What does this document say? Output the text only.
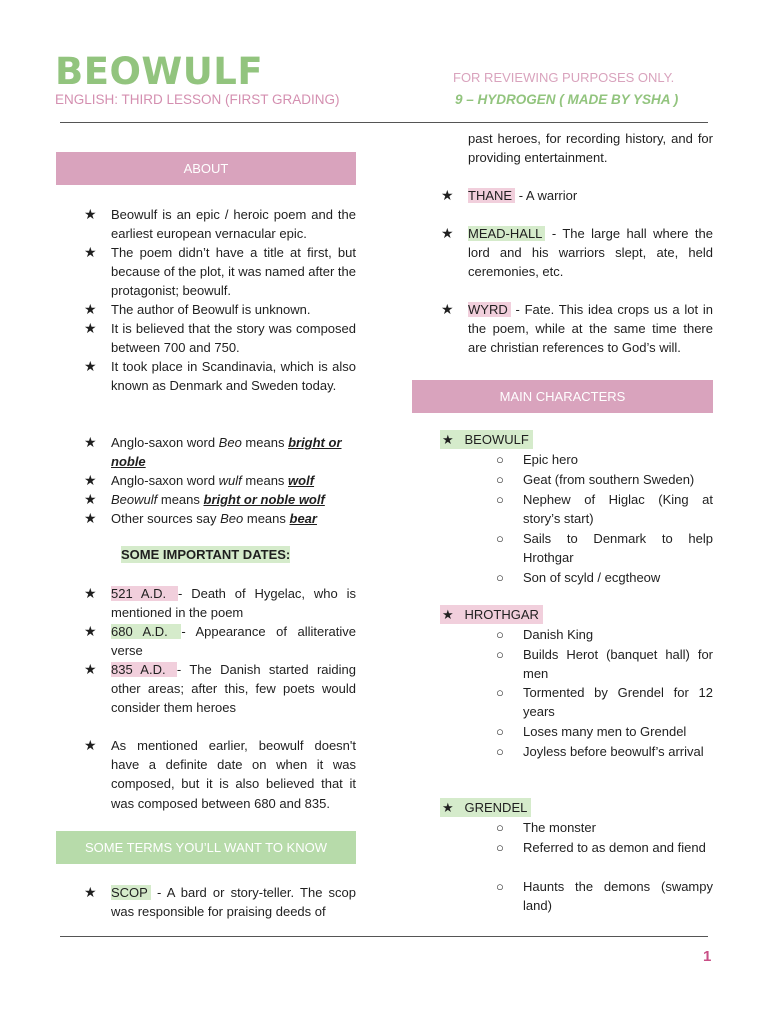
BEOWULF
ENGLISH: THIRD LESSON (FIRST GRADING)
FOR REVIEWING PURPOSES ONLY.
9 – HYDROGEN ( MADE BY YSHA )
ABOUT
★ Beowulf is an epic / heroic poem and the earliest european vernacular epic.
★ The poem didn’t have a title at first, but because of the plot, it was named after the protagonist; beowulf.
★ The author of Beowulf is unknown.
★ It is believed that the story was composed between 700 and 750.
★ It took place in Scandinavia, which is also known as Denmark and Sweden today.
★ Anglo-saxon word Beo means bright or noble
★ Anglo-saxon word wulf means wolf
★ Beowulf means bright or noble wolf
★ Other sources say Beo means bear
SOME IMPORTANT DATES:
★ 521 A.D. - Death of Hygelac, who is mentioned in the poem
★ 680 A.D. - Appearance of alliterative verse
★ 835 A.D. - The Danish started raiding other areas; after this, few poets would consider them heroes
★ As mentioned earlier, beowulf doesn't have a definite date on when it was composed, but it is also believed that it was composed between 680 and 835.
SOME TERMS YOU’LL WANT TO KNOW
★ SCOP - A bard or story-teller. The scop was responsible for praising deeds of
1
past heroes, for recording history, and for providing entertainment.
★ THANE - A warrior
★ MEAD-HALL - The large hall where the lord and his warriors slept, ate, held ceremonies, etc.
★ WYRD - Fate. This idea crops us a lot in the poem, while at the same time there are christian references to God’s will.
MAIN CHARACTERS
★ BEOWULF
○ Epic hero
○ Geat (from southern Sweden)
○ Nephew of Higlac (King at story’s start)
○ Sails to Denmark to help Hrothgar
○ Son of scyld / ecgtheow
★ HROTHGAR
○ Danish King
○ Builds Herot (banquet hall) for men
○ Tormented by Grendel for 12 years
○ Loses many men to Grendel
○ Joyless before beowulf’s arrival
★ GRENDEL
○ The monster
○ Referred to as demon and fiend
○ Haunts the demons (swampy land)
